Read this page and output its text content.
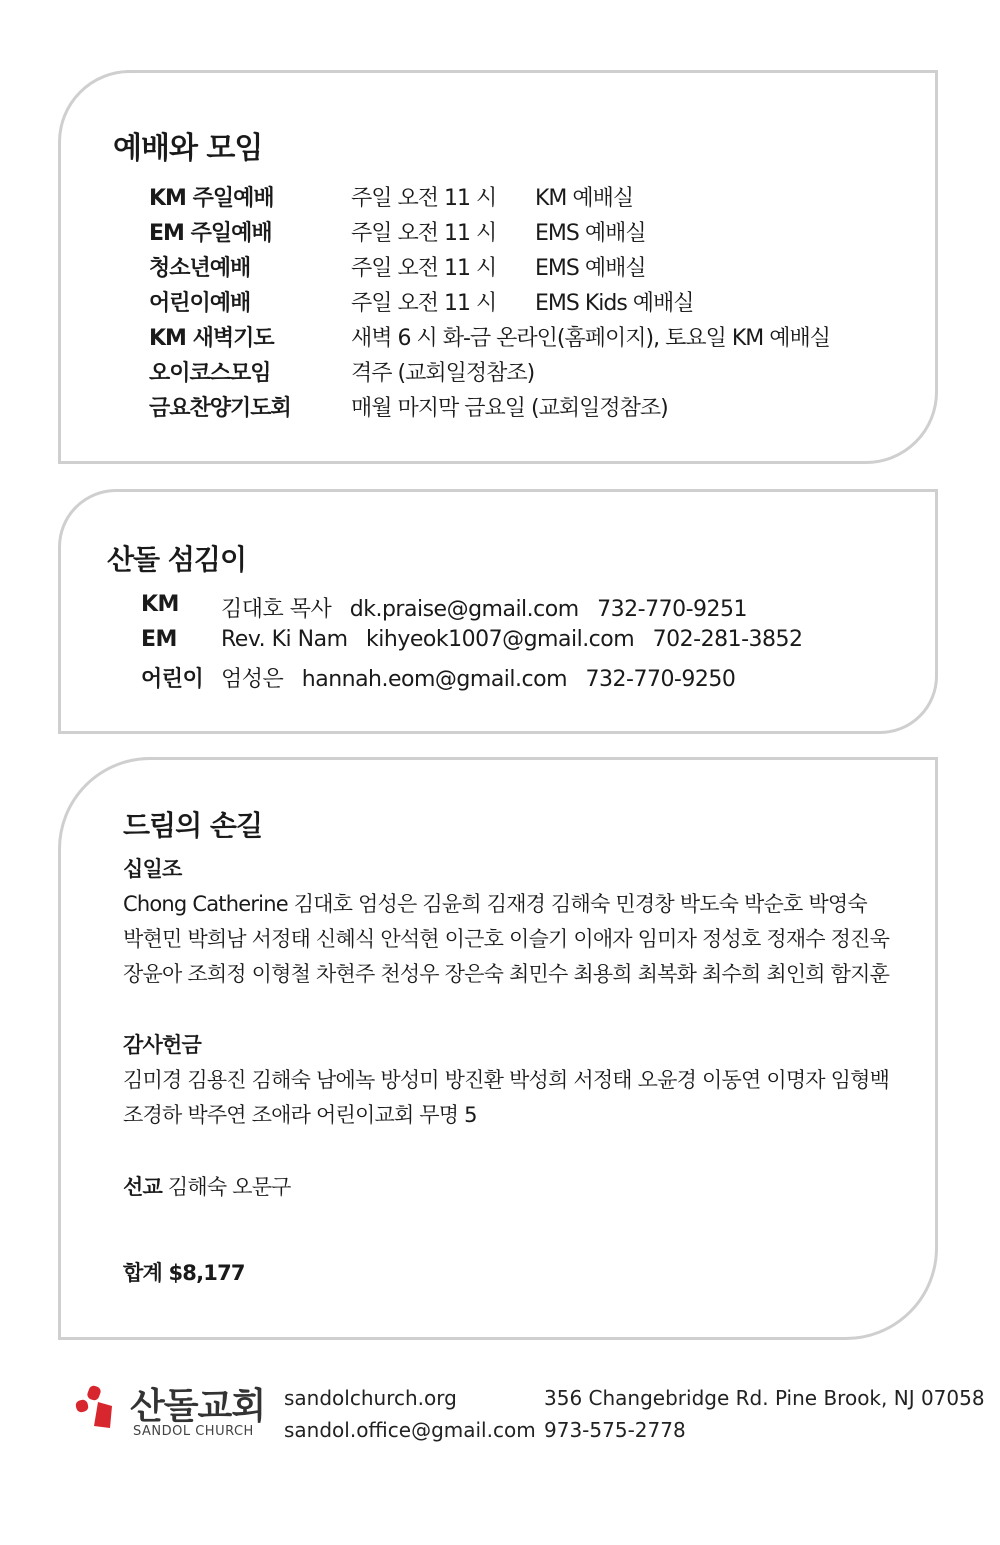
예배와 모임
KM 주일예배	주일 오전 11 시 KM 예배실
EM 주일예배	주일 오전 11 시 EMS 예배실
청소년예배	주일 오전 11 시 EMS 예배실
어린이예배	주일 오전 11 시 EMS Kids 예배실
KM 새벽기도	새벽 6 시 화-금 온라인(홈페이지), 토요일 KM 예배실
오이코스모임	격주 (교회일정참조)
금요찬양기도회	매월 마지막 금요일 (교회일정참조)
산돌 섬김이
KM 김대호 목사 dk.praise@gmail.com 732-770-9251
EM Rev. Ki Nam kihyeok1007@gmail.com 702-281-3852
어린이 엄성은 hannah.eom@gmail.com 732-770-9250
드림의 손길
십일조
Chong Catherine 김대호 엄성은 김윤희 김재경 김해숙 민경창 박도숙 박순호 박영숙
박현민 박희남 서정태 신혜식 안석현 이근호 이슬기 이애자 임미자 정성호 정재수 정진욱
장윤아 조희정 이형철 차현주 천성우 장은숙 최민수 최용희 최복화 최수희 최인희 함지훈
감사헌금
김미경 김용진 김해숙 남에녹 방성미 방진환 박성희 서정태 오윤경 이동연 이명자 임형백
조경하 박주연 조애라 어린이교회 무명 5
선교 김해숙 오문구
합계 $8,177
산돌교회
SANDOL CHURCH
sandolchurch.org
sandol.office@gmail.com
356 Changebridge Rd. Pine Brook, NJ 07058
973-575-2778
